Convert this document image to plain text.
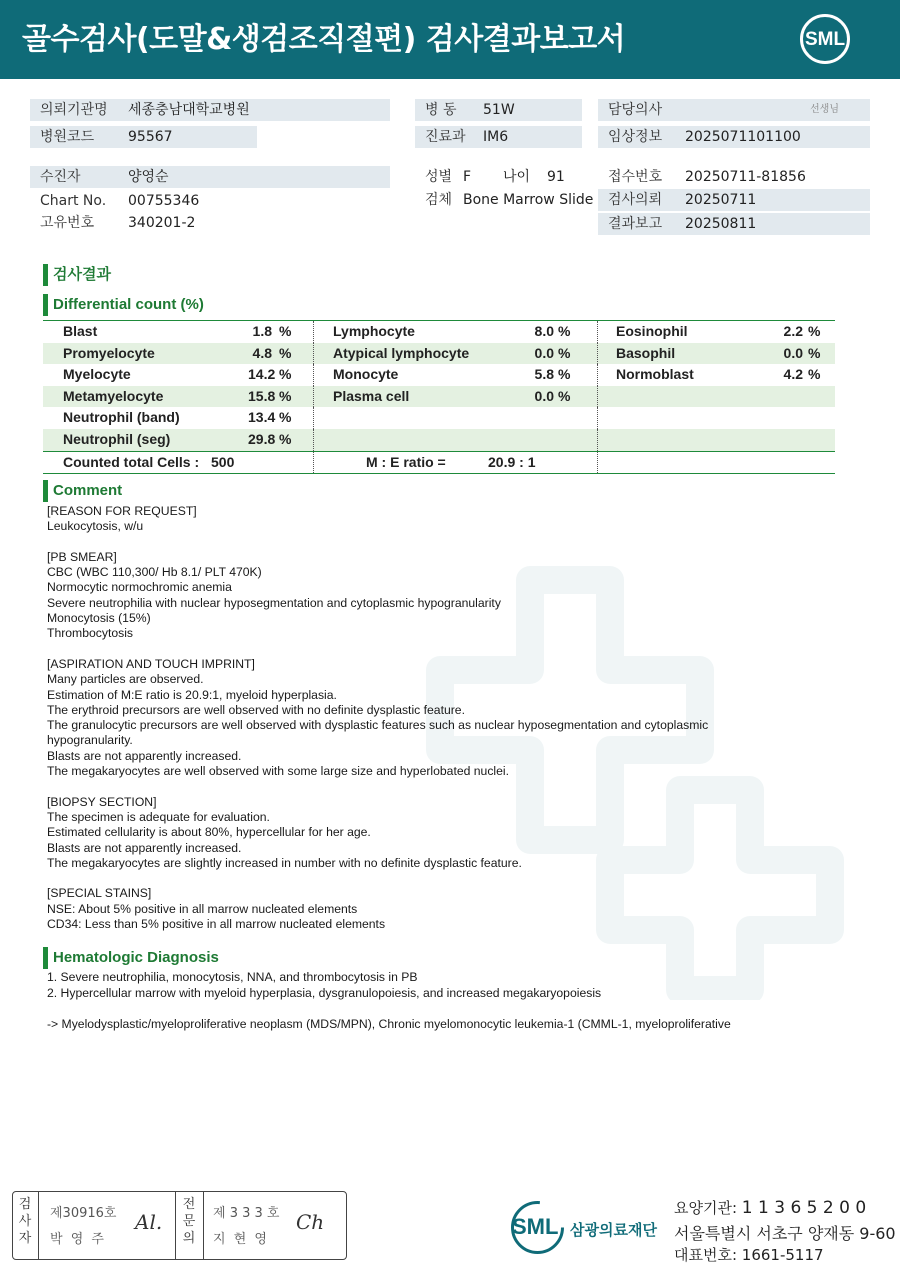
골수검사(도말&생검조직절편) 검사결과보고서	SML
의뢰기관명 세종충남대학교병원
병원코드 95567
병 동 51W
진료과 IM6
담당의사	선생님
임상정보 2025071101100
수진자	양영순
Chart No. 00755346
고유번호 340201-2
성별 F 나이 91
검체 Bone Marrow Slide
접수번호 20250711-81856
검사의뢰 20250711
결과보고 20250811
검사결과
Differential count (%)
Blast	1.8 %	Lymphocyte	8.0 %	Eosinophil	2.2 %
Promyelocyte	4.8 %	Atypical lymphocyte	0.0 %	Basophil	0.0 %
Myelocyte	14.2 %	Monocyte	5.8 %	Normoblast	4.2 %
Metamyelocyte	15.8 %	Plasma cell	0.0 %
Neutrophil (band)	13.4 %
Neutrophil (seg)	29.8 %
Counted total Cells : 500	M : E ratio =	20.9 : 1
Comment
[REASON FOR REQUEST]
Leukocytosis, w/u
[PB SMEAR]
CBC (WBC 110,300/ Hb 8.1/ PLT 470K)
Normocytic normochromic anemia
Severe neutrophilia with nuclear hyposegmentation and cytoplasmic hypogranularity
Monocytosis (15%)
Thrombocytosis
[ASPIRATION AND TOUCH IMPRINT]
Many particles are observed.
Estimation of M:E ratio is 20.9:1, myeloid hyperplasia.
The erythroid precursors are well observed with no definite dysplastic feature.
The granulocytic precursors are well observed with dysplastic features such as nuclear hyposegmentation and cytoplasmic
hypogranularity.
Blasts are not apparently increased.
The megakaryocytes are well observed with some large size and hyperlobated nuclei.
[BIOPSY SECTION]
The specimen is adequate for evaluation.
Estimated cellularity is about 80%, hypercellular for her age.
Blasts are not apparently increased.
The megakaryocytes are slightly increased in number with no definite dysplastic feature.
[SPECIAL STAINS]
NSE: About 5% positive in all marrow nucleated elements
CD34: Less than 5% positive in all marrow nucleated elements
Hematologic Diagnosis
1. Severe neutrophilia, monocytosis, NNA, and thrombocytosis in PB
2. Hypercellular marrow with myeloid hyperplasia, dysgranulopoiesis, and increased megakaryopoiesis
-> Myelodysplastic/myeloproliferative neoplasm (MDS/MPN), Chronic myelomonocytic leukemia-1 (CMML-1, myeloproliferative
검
사
자
제30916호
박 영 주
Al.
전
문
의
제 3 3 3 호
지 현 영
Ch	SML 삼광의료재단
요양기관: 1 1 3 6 5 2 0 0
서울특별시 서초구 양재동 9-60
대표번호: 1661-5117
